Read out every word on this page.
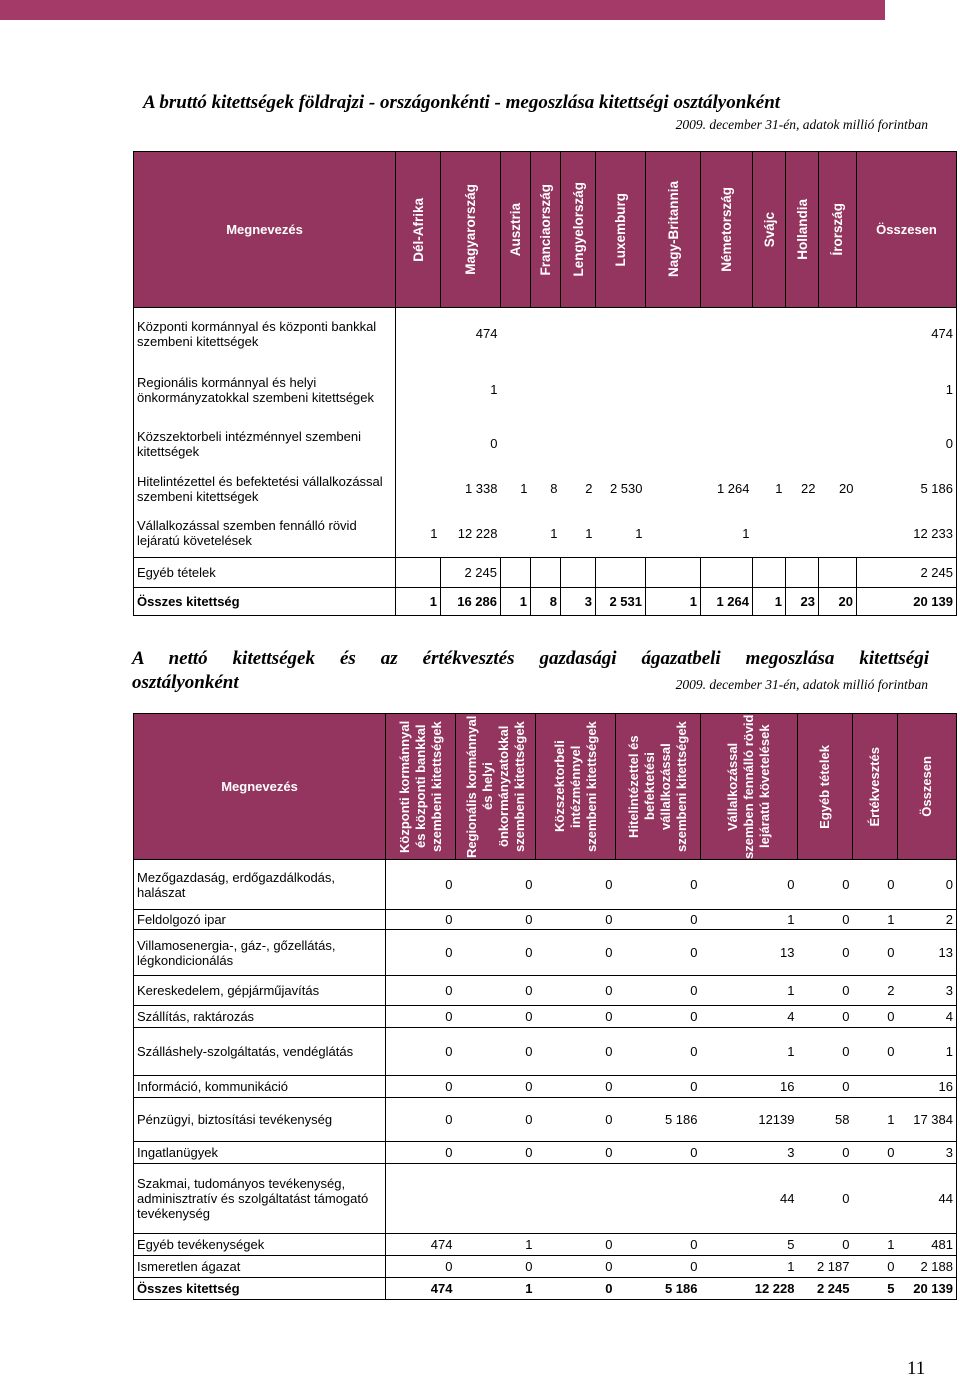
A bruttó kitettségek földrajzi - országonkénti - megoszlása kitettségi osztályonként
2009. december 31-én, adatok millió forintban
Megnevezés	Dél-Afrika	Magyarország	Ausztria	Franciaország	Lengyelország	Luxemburg	Nagy-Britannia	Németország	Svájc	Hollandia	Írország	Összesen
Központi kormánnyal és központi bankkal szembeni kitettségek		474										474
Regionális kormánnyal és helyi önkormányzatokkal szembeni kitettségek		1										1
Közszektorbeli intézménnyel szembeni kitettségek		0										0
Hitelintézettel és befektetési vállalkozással szembeni kitettségek		1 338	1	8	2	2 530		1 264	1	22	20	5 186
Vállalkozással szemben fennálló rövid lejáratú követelések	1	12 228		1	1	1		1				12 233
Egyéb tételek		2 245										2 245
Összes kitettség	1	16 286	1	8	3	2 531	1	1 264	1	23	20	20 139
A nettó kitettségek és az értékvesztés gazdasági ágazatbeli megoszlása kitettségi
osztályonként	2009. december 31-én, adatok millió forintban
Megnevezés	Központi kormánnyal és központi bankkal szembeni kitettségek	Regionális kormánnyal és helyi önkormányzatokkal szembeni kitettségek	Közszektorbeli intézménnyel szembeni kitettségek	Hitelintézettel és befektetési vállalkozással szembeni kitettségek	Vállalkozással szemben fennálló rövid lejáratú követelések	Egyéb tételek	Értékvesztés	Összesen

Mezőgazdaság, erdőgazdálkodás, halászat	0	0	0	0	0	0	0	0
Feldolgozó ipar	0	0	0	0	1	0	1	2
Villamosenergia-, gáz-, gőzellátás, légkondicionálás	0	0	0	0	13	0	0	13
Kereskedelem, gépjárműjavítás	0	0	0	0	1	0	2	3
Szállítás, raktározás	0	0	0	0	4	0	0	4
Szálláshely-szolgáltatás, vendéglátás	0	0	0	0	1	0	0	1
Információ, kommunikáció	0	0	0	0	16	0		16
Pénzügyi, biztosítási tevékenység	0	0	0	5 186	12139	58	1	17 384
Ingatlanügyek	0	0	0	0	3	0	0	3
Szakmai, tudományos tevékenység, adminisztratív és szolgáltatást támogató tevékenység					44	0		44
Egyéb tevékenységek	474	1	0	0	5	0	1	481
Ismeretlen ágazat	0	0	0	0	1	2 187	0	2 188
Összes kitettség	474	1	0	5 186	12 228	2 245	5	20 139
11
